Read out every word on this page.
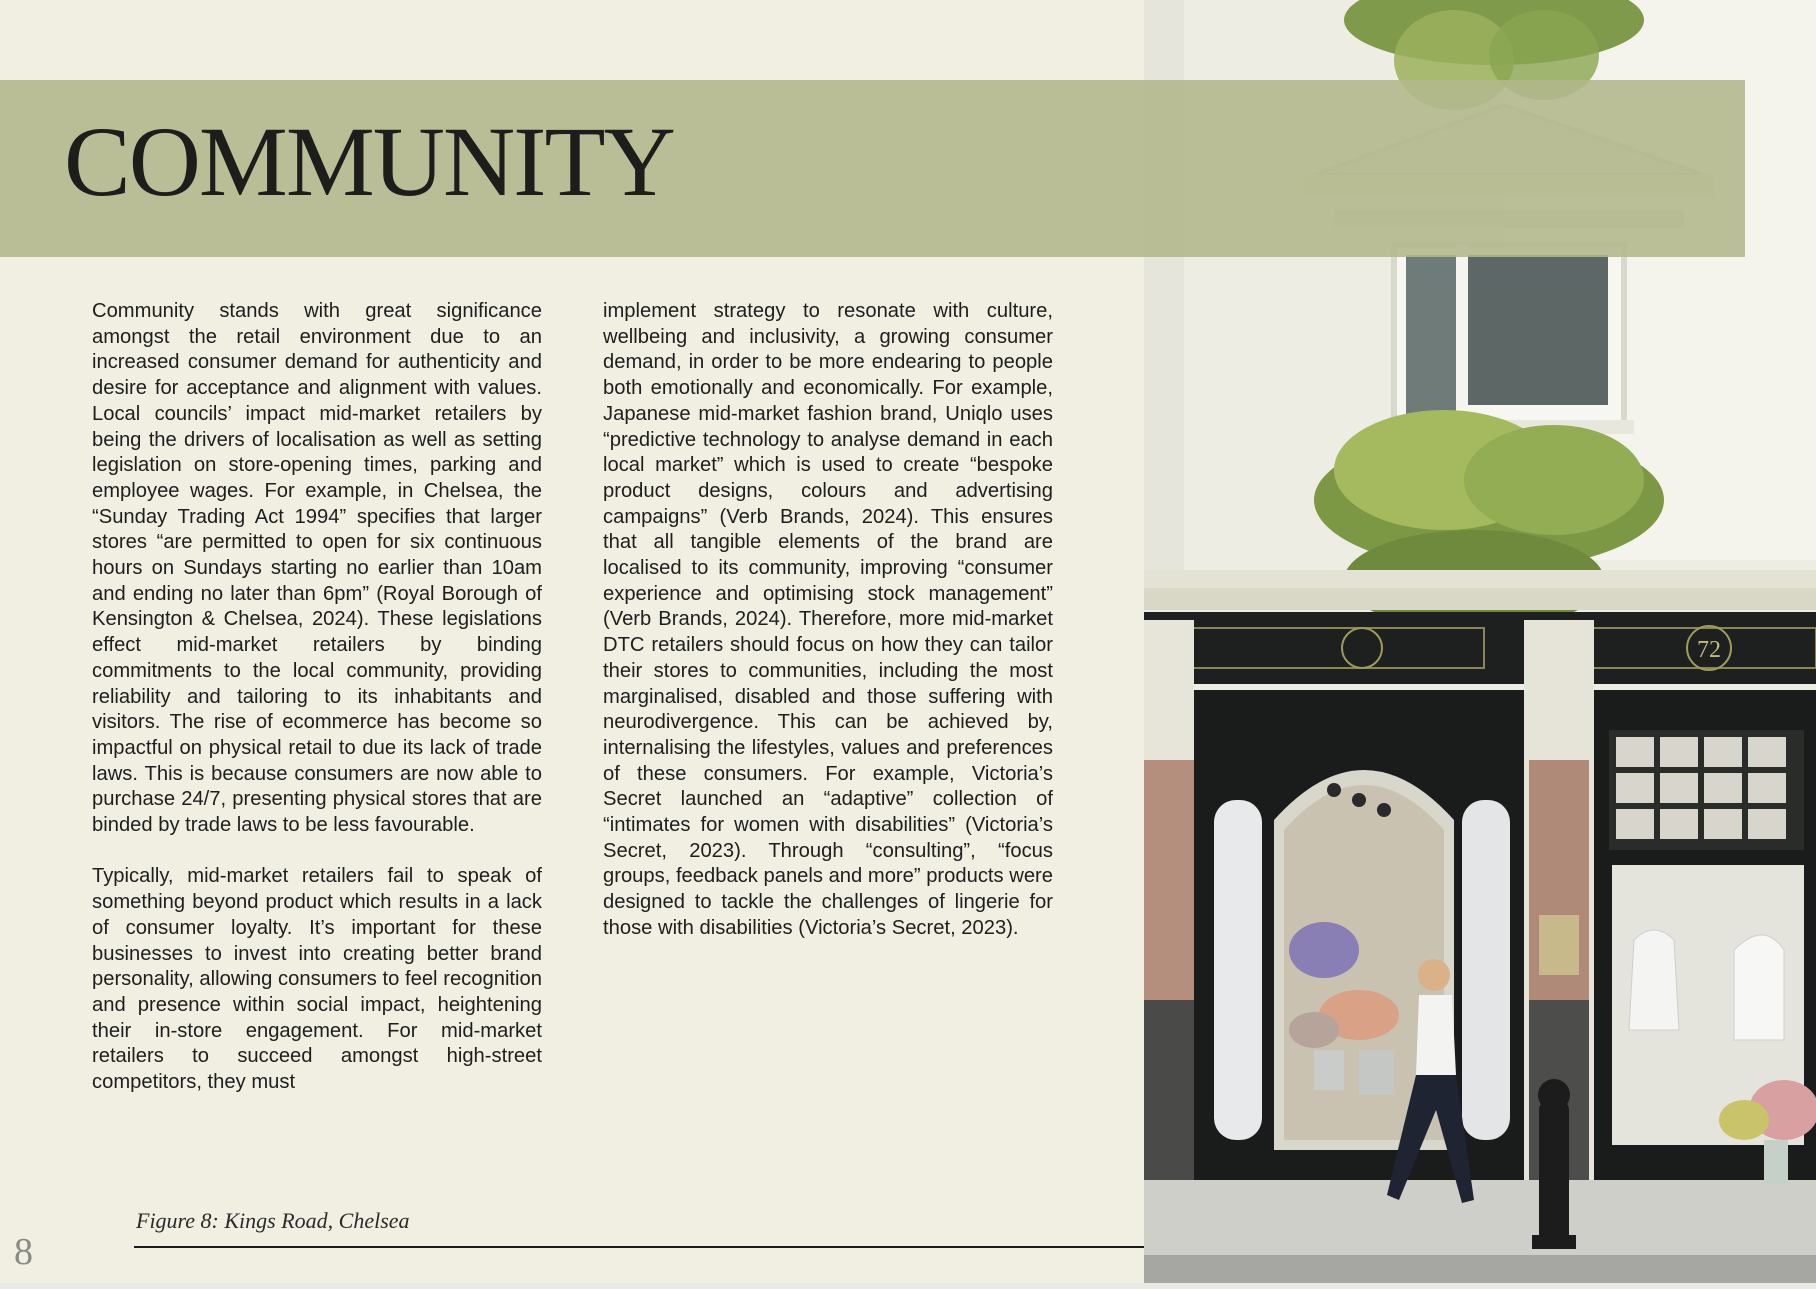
72
COMMUNITY

Community stands with great significance amongst the retail environment due to an increased consumer demand for authenticity and desire for acceptance and alignment with values. Local councils’ impact mid-market retailers by being the drivers of localisation as well as setting legislation on store-opening times, parking and employee wages. For example, in Chelsea, the “Sunday Trading Act 1994” specifies that larger stores “are permitted to open for six continuous hours on Sundays starting no earlier than 10am and ending no later than 6pm” (Royal Borough of Kensington & Chelsea, 2024). These legislations effect mid-market retailers by binding commitments to the local community, providing reliability and tailoring to its inhabitants and visitors. The rise of ecommerce has become so impactful on physical retail to due its lack of trade laws. This is because consumers are now able to purchase 24/7, presenting physical stores that are binded by trade laws to be less favourable.

Typically, mid-market retailers fail to speak of something beyond product which results in a lack of consumer loyalty. It’s important for these businesses to invest into creating better brand personality, allowing consumers to feel recognition and presence within social impact, heightening their in-store engagement. For mid-market retailers to succeed amongst high-street competitors, they must

implement strategy to resonate with culture, wellbeing and inclusivity, a growing consumer demand, in order to be more endearing to people both emotionally and economically. For example, Japanese mid-market fashion brand, Uniqlo uses “predictive technology to analyse demand in each local market” which is used to create “bespoke product designs, colours and advertising campaigns” (Verb Brands, 2024). This ensures that all tangible elements of the brand are localised to its community, improving “consumer experience and optimising stock management” (Verb Brands, 2024). Therefore, more mid-market DTC retailers should focus on how they can tailor their stores to communities, including the most marginalised, disabled and those suffering with neurodivergence. This can be achieved by, internalising the lifestyles, values and preferences of these consumers. For example, Victoria’s Secret launched an “adaptive” collection of “intimates for women with disabilities” (Victoria’s Secret, 2023). Through “consulting”, “focus groups, feedback panels and more” products were designed to tackle the challenges of lingerie for those with disabilities (Victoria’s Secret, 2023).

Figure 8: Kings Road, Chelsea
8
